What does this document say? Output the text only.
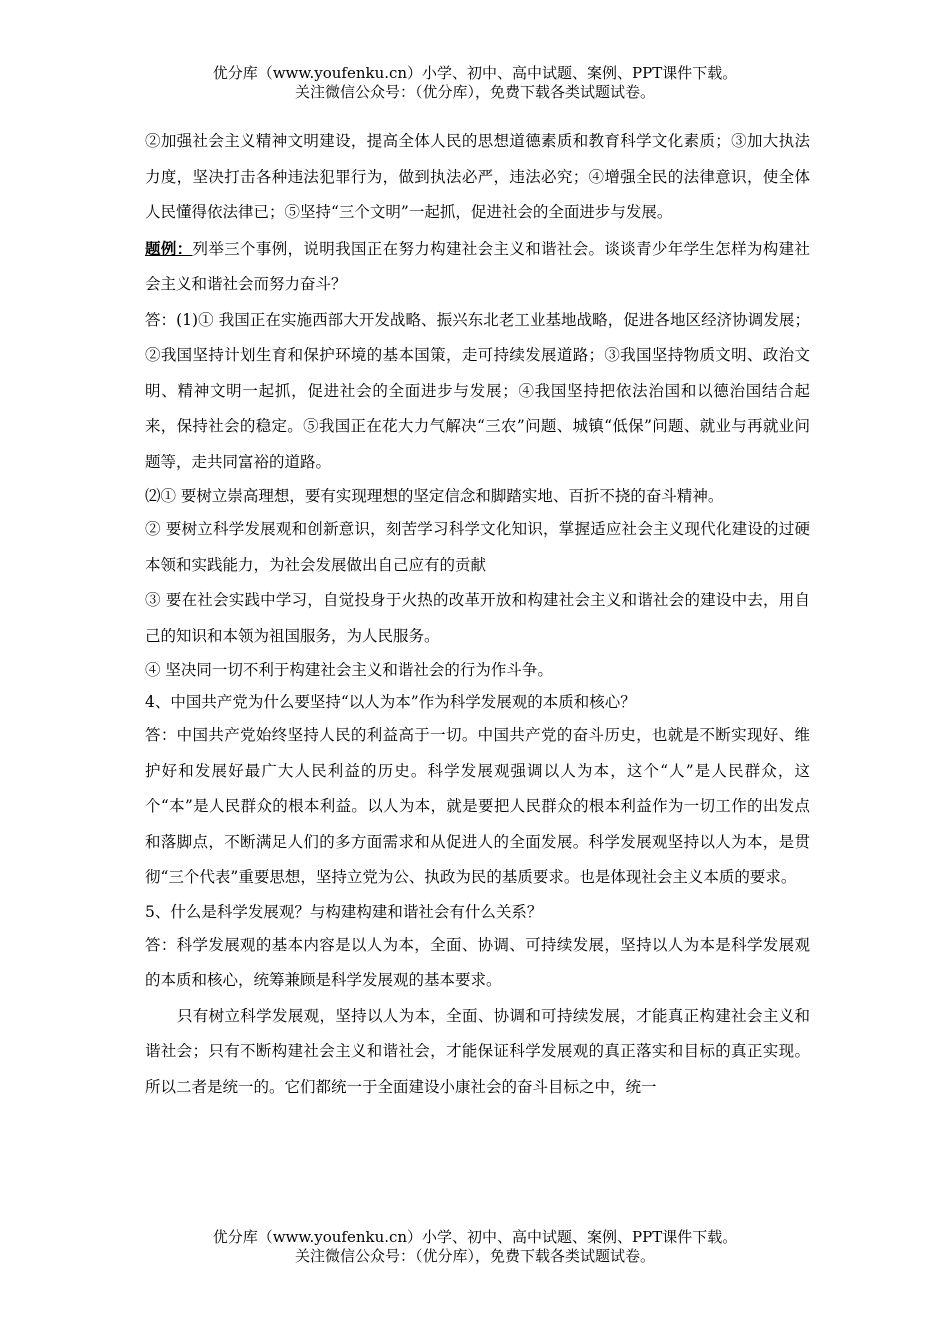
优分库（www.youfenku.cn）小学、初中、高中试题、案例、PPT课件下载。
关注微信公众号：（优分库），免费下载各类试题试卷。

②加强社会主义精神文明建设，提高全体人民的思想道德素质和教育科学文化素质；③加大执法力度，坚决打击各种违法犯罪行为，做到执法必严，违法必究；④增强全民的法律意识，使全体人民懂得依法律已；⑤坚持“三个文明”一起抓，促进社会的全面进步与发展。

题例：列举三个事例，说明我国正在努力构建社会主义和谐社会。谈谈青少年学生怎样为构建社会主义和谐社会而努力奋斗？

答：(1)① 我国正在实施西部大开发战略、振兴东北老工业基地战略，促进各地区经济协调发展；②我国坚持计划生育和保护环境的基本国策，走可持续发展道路；③我国坚持物质文明、政治文明、精神文明一起抓，促进社会的全面进步与发展；④我国坚持把依法治国和以德治国结合起来，保持社会的稳定。⑤我国正在花大力气解决“三农”问题、城镇“低保”问题、就业与再就业问题等，走共同富裕的道路。

⑵① 要树立崇高理想，要有实现理想的坚定信念和脚踏实地、百折不挠的奋斗精神。

② 要树立科学发展观和创新意识，刻苦学习科学文化知识，掌握适应社会主义现代化建设的过硬本领和实践能力，为社会发展做出自己应有的贡献

③ 要在社会实践中学习，自觉投身于火热的改革开放和构建社会主义和谐社会的建设中去，用自己的知识和本领为祖国服务，为人民服务。

④ 坚决同一切不利于构建社会主义和谐社会的行为作斗争。

4、中国共产党为什么要坚持“以人为本”作为科学发展观的本质和核心？

答：中国共产党始终坚持人民的利益高于一切。中国共产党的奋斗历史，也就是不断实现好、维护好和发展好最广大人民利益的历史。科学发展观强调以人为本，这个“人”是人民群众，这个“本”是人民群众的根本利益。以人为本，就是要把人民群众的根本利益作为一切工作的出发点和落脚点，不断满足人们的多方面需求和从促进人的全面发展。科学发展观坚持以人为本，是贯彻“三个代表”重要思想，坚持立党为公、执政为民的基质要求。也是体现社会主义本质的要求。

5、什么是科学发展观？与构建构建和谐社会有什么关系？

答：科学发展观的基本内容是以人为本，全面、协调、可持续发展，坚持以人为本是科学发展观的本质和核心，统筹兼顾是科学发展观的基本要求。

只有树立科学发展观，坚持以人为本，全面、协调和可持续发展，才能真正构建社会主义和谐社会；只有不断构建社会主义和谐社会，才能保证科学发展观的真正落实和目标的真正实现。所以二者是统一的。它们都统一于全面建设小康社会的奋斗目标之中，统一

优分库（www.youfenku.cn）小学、初中、高中试题、案例、PPT课件下载。
关注微信公众号：（优分库），免费下载各类试题试卷。
